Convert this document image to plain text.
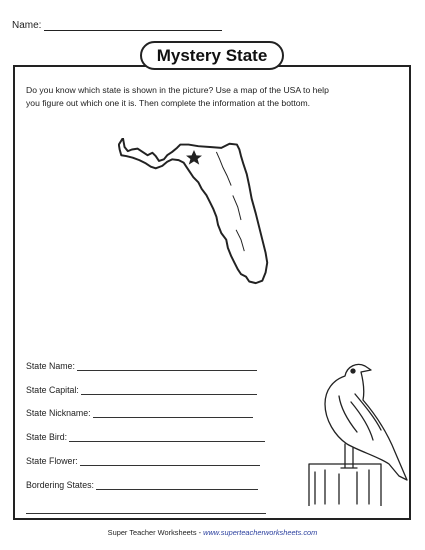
Name:
Mystery State
Do you know which state is shown in the picture? Use a map of the USA to help
you figure out which one it is. Then complete the information at the bottom.
State Name:
State Capital:
State Nickname:
State Bird:
State Flower:
Bordering States:
Super Teacher Worksheets - www.superteacherworksheets.com
